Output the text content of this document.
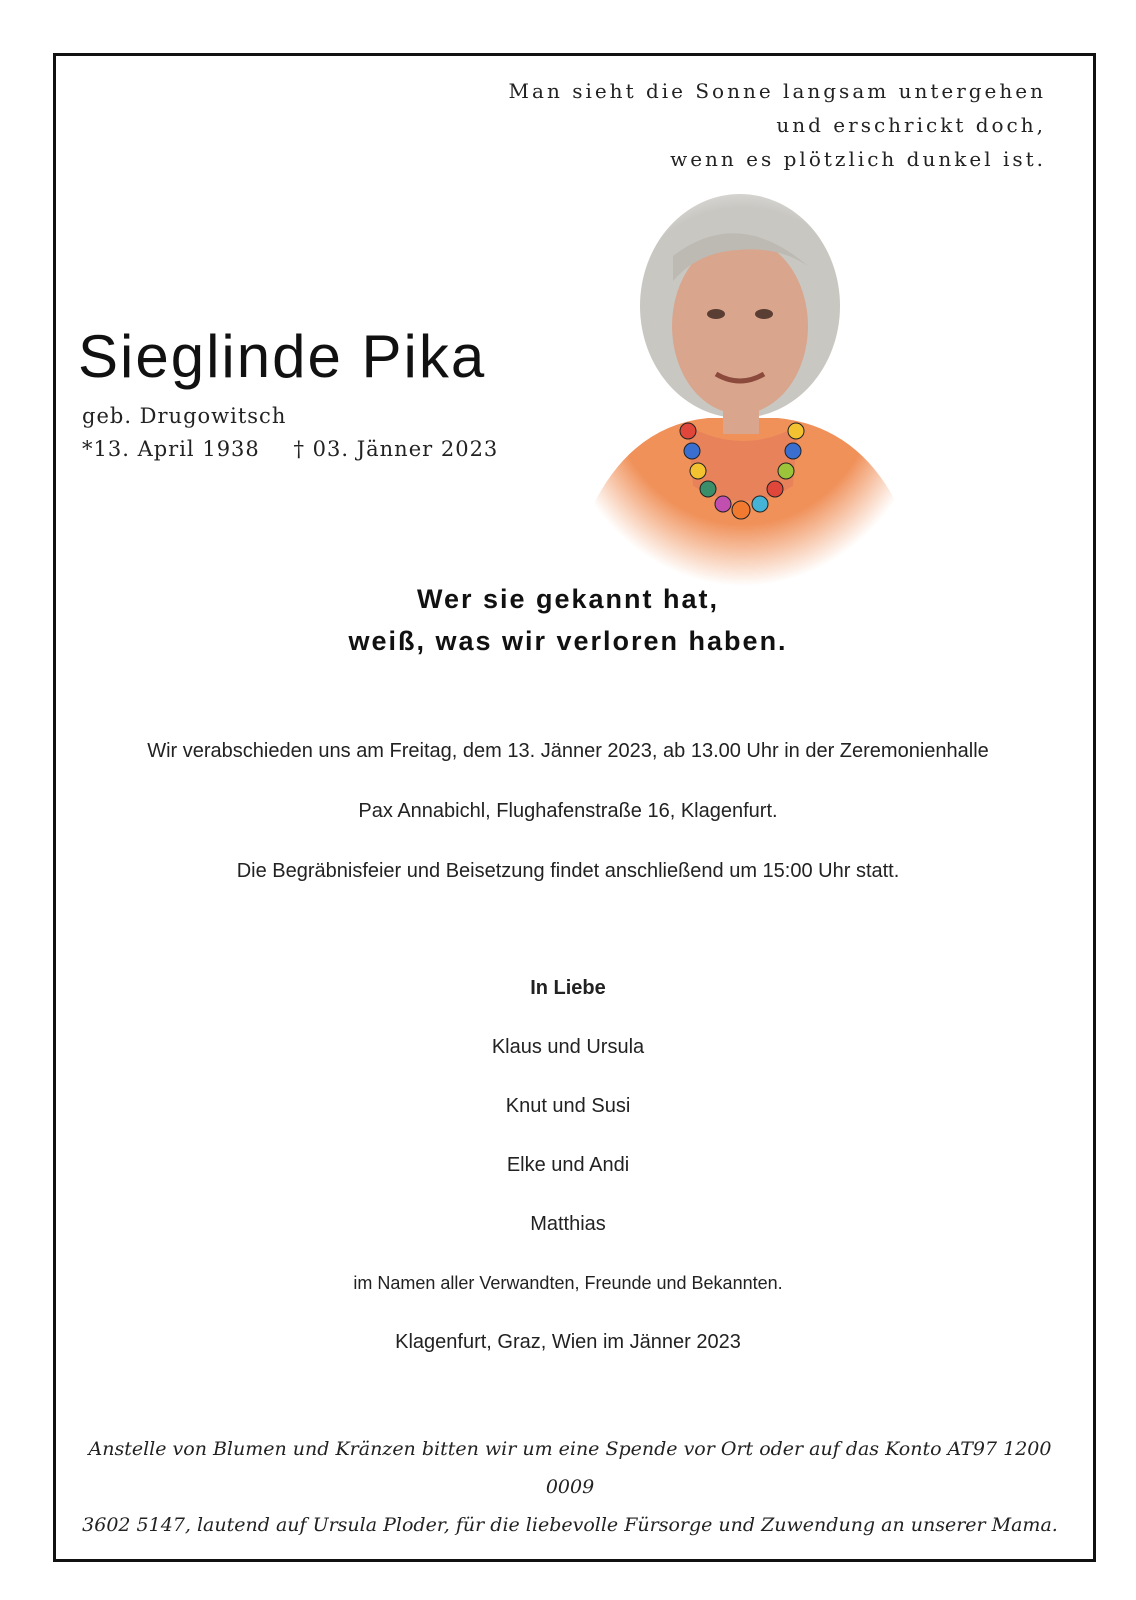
Man sieht die Sonne langsam untergehen
und erschrickt doch,
wenn es plötzlich dunkel ist.
Sieglinde Pika
geb. Drugowitsch
*13. April 1938 † 03. Jänner 2023
Wer sie gekannt hat,
weiß, was wir verloren haben.
Wir verabschieden uns am Freitag, dem 13. Jänner 2023, ab 13.00 Uhr in der Zeremonienhalle
Pax Annabichl, Flughafenstraße 16, Klagenfurt.
Die Begräbnisfeier und Beisetzung findet anschließend um 15:00 Uhr statt.
In Liebe
Klaus und Ursula
Knut und Susi
Elke und Andi
Matthias
im Namen aller Verwandten, Freunde und Bekannten.
Klagenfurt, Graz, Wien im Jänner 2023
Anstelle von Blumen und Kränzen bitten wir um eine Spende vor Ort oder auf das Konto AT97 1200 0009
3602 5147, lautend auf Ursula Ploder, für die liebevolle Fürsorge und Zuwendung an unserer Mama.
